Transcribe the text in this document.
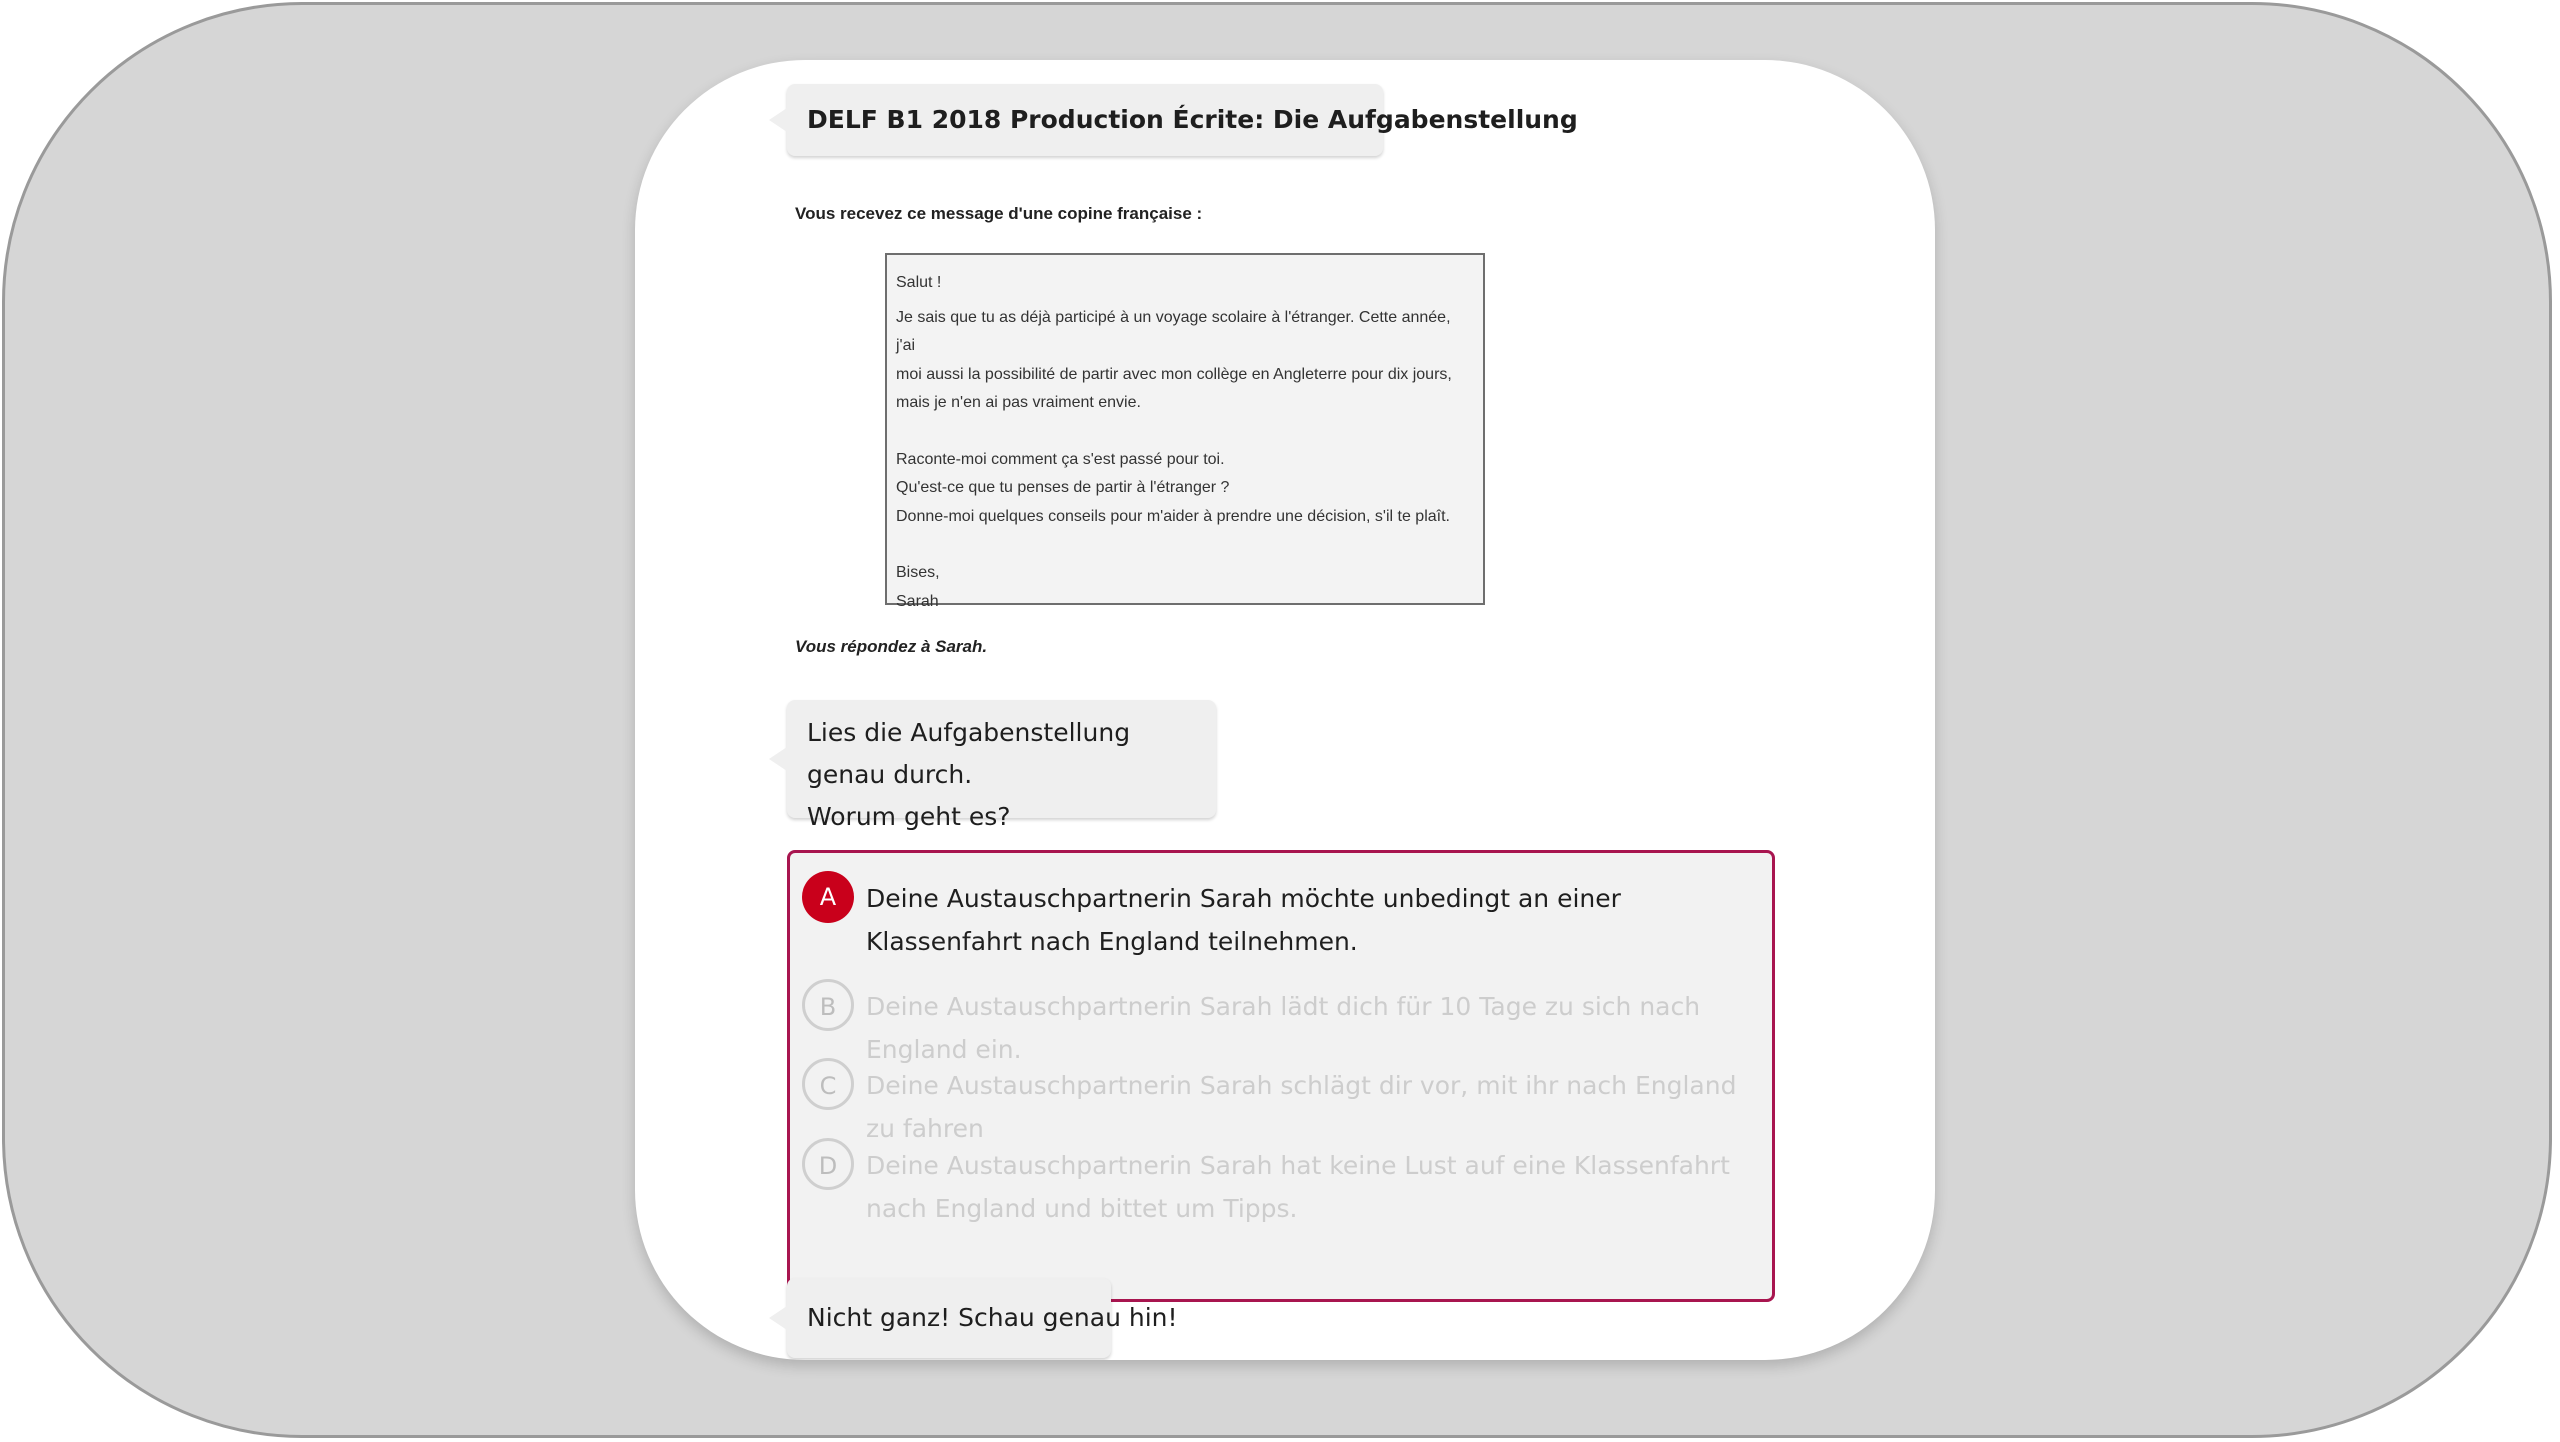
DELF B1 2018 Production Écrite: Die Aufgabenstellung
Vous recevez ce message d'une copine française :

Salut !

Je sais que tu as déjà participé à un voyage scolaire à l'étranger. Cette année, j'ai

moi aussi la possibilité de partir avec mon collège en Angleterre pour dix jours,

mais je n'en ai pas vraiment envie.

Raconte-moi comment ça s'est passé pour toi.

Qu'est-ce que tu penses de partir à l'étranger ?

Donne-moi quelques conseils pour m'aider à prendre une décision, s'il te plaît.

Bises,

Sarah

Vous répondez à Sarah.
Lies die Aufgabenstellung genau durch.
Worum geht es?
A	Deine Austauschpartnerin Sarah möchte unbedingt an einer Klassenfahrt nach England teilnehmen.
B	Deine Austauschpartnerin Sarah lädt dich für 10 Tage zu sich nach England ein.
C	Deine Austauschpartnerin Sarah schlägt dir vor, mit ihr nach England zu fahren
D	Deine Austauschpartnerin Sarah hat keine Lust auf eine Klassenfahrt nach England und bittet um Tipps.
Nicht ganz! Schau genau hin!
